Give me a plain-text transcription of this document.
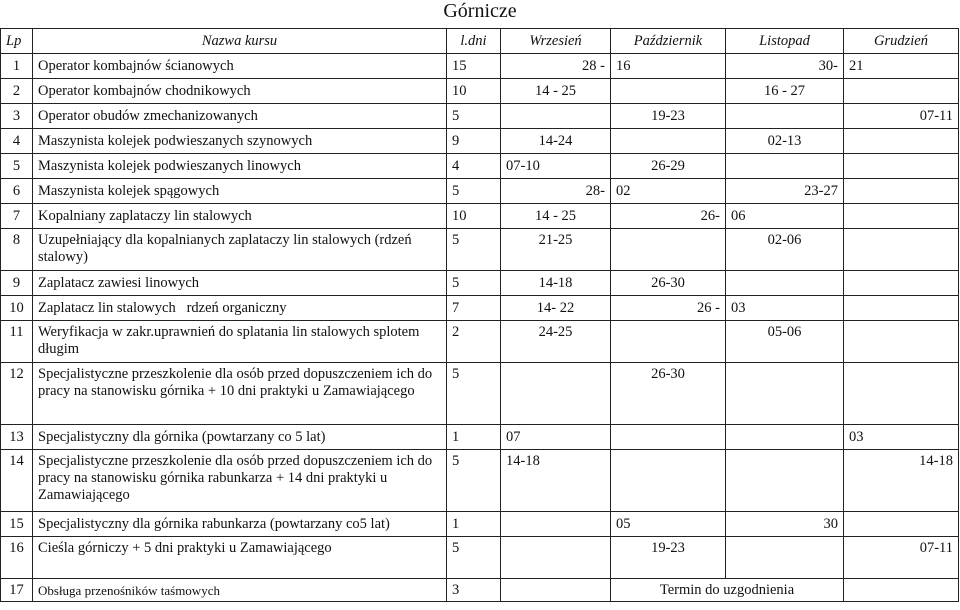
Górnicze
Lp	Nazwa kursu	l.dni	Wrzesień	Październik	Listopad	Grudzień
1	Operator kombajnów ścianowych	15	28 -	16	30-	21
2	Operator kombajnów chodnikowych	10	14 - 25		16 - 27	
3	Operator obudów zmechanizowanych	5		19-23		07-11
4	Maszynista kolejek podwieszanych szynowych	9	14-24		02-13	
5	Maszynista kolejek podwieszanych linowych	4	07-10	26-29		
6	Maszynista kolejek spągowych	5	28-	02	23-27	
7	Kopalniany zaplataczy lin stalowych	10	14 - 25	26-	06	
8	Uzupełniający dla kopalnianych zaplataczy lin stalowych (rdzeń stalowy)	5	21-25		02-06	
9	Zaplatacz zawiesi linowych	5	14-18	26-30		
10	Zaplatacz lin stalowych   rdzeń organiczny	7	14- 22	26 -	03	
11	Weryfikacja w zakr.uprawnień do splatania lin stalowych splotem długim	2	24-25		05-06	
12	Specjalistyczne przeszkolenie dla osób przed dopuszczeniem ich do pracy na stanowisku górnika + 10 dni praktyki u Zamawiającego	5		26-30		
13	Specjalistyczny dla górnika (powtarzany co 5 lat)	1	07			03
14	Specjalistyczne przeszkolenie dla osób przed dopuszczeniem ich do pracy na stanowisku górnika rabunkarza + 14 dni praktyki u Zamawiającego	5	14-18			14-18
15	Specjalistyczny dla górnika rabunkarza (powtarzany co5 lat)	1		05	30	
16	Cieśla górniczy + 5 dni praktyki u Zamawiającego	5		19-23		07-11
17	Obsługa przenośników taśmowych	3		Termin do uzgodnienia		
